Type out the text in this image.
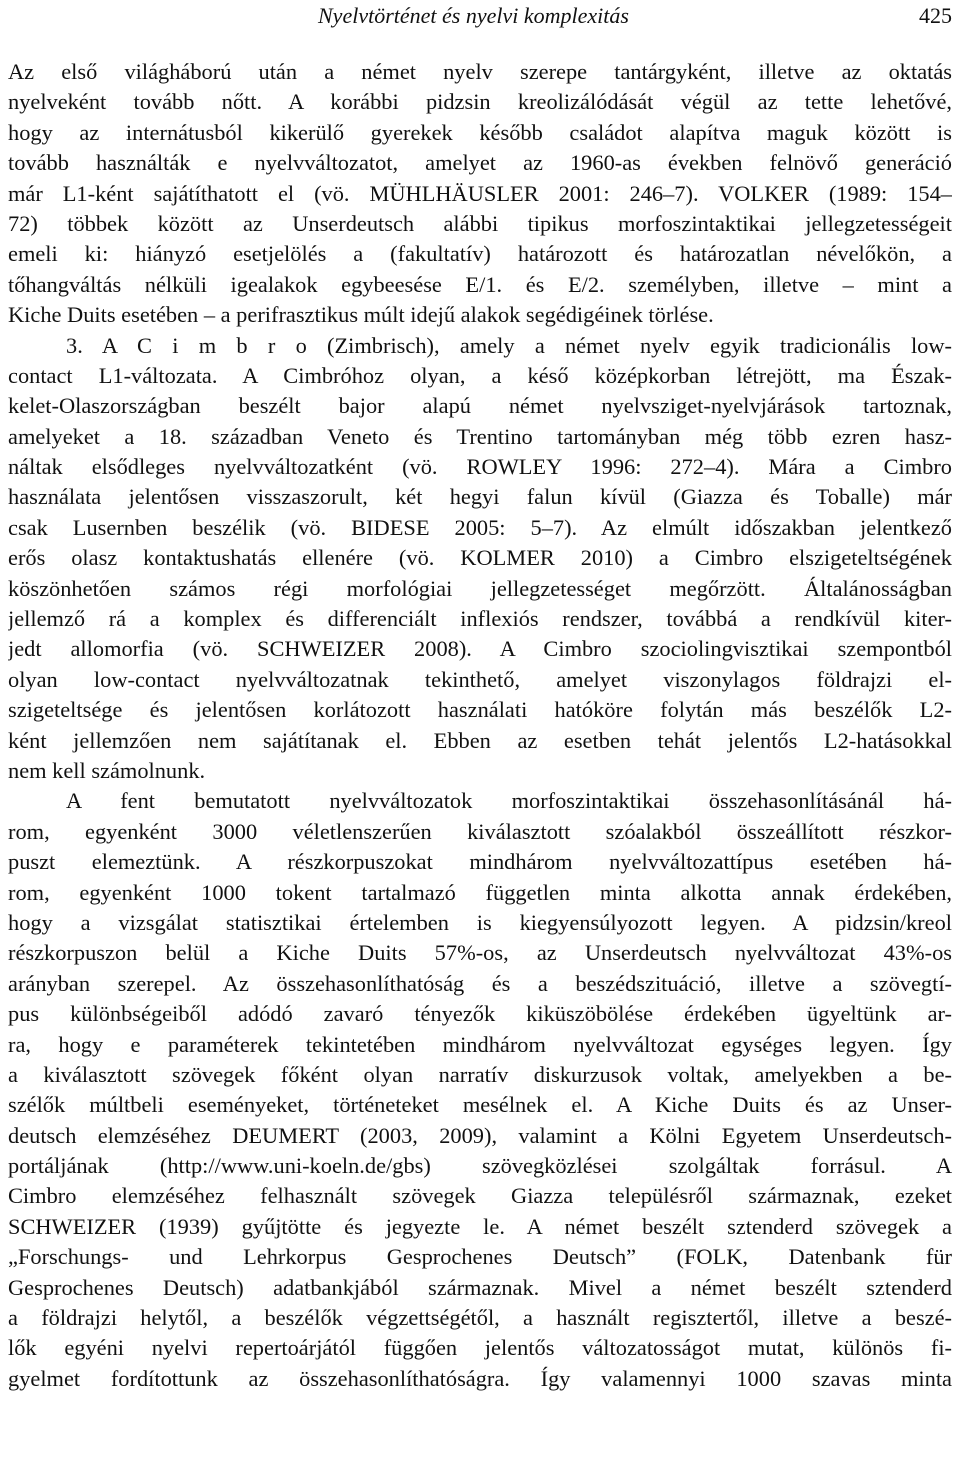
Nyelvtörténet és nyelvi komplexitás	425
Az első világháború után a német nyelv szerepe tantárgyként, illetve az oktatás
nyelveként tovább nőtt. A korábbi pidzsin kreolizálódását végül az tette lehetővé,
hogy az internátusból kikerülő gyerekek később családot alapítva maguk között is
tovább használták e nyelvváltozatot, amelyet az 1960-as években felnövő generáció
már L1-ként sajátíthatott el (vö. MÜHLHÄUSLER 2001: 246–7). VOLKER (1989: 154–
72) többek között az Unserdeutsch alábbi tipikus morfoszintaktikai jellegzetességeit
emeli ki: hiányzó esetjelölés a (fakultatív) határozott és határozatlan névelőkön, a
tőhangváltás nélküli igealakok egybeesése E/1. és E/2. személyben, illetve – mint a
Kiche Duits esetében – a perifrasztikus múlt idejű alakok segédigéinek törlése.
3. A C i m b r o (Zimbrisch), amely a német nyelv egyik tradicionális low-
contact L1-változata. A Cimbróhoz olyan, a késő középkorban létrejött, ma Észak-
kelet-Olaszországban beszélt bajor alapú német nyelvsziget-nyelvjárások tartoznak,
amelyeket a 18. században Veneto és Trentino tartományban még több ezren hasz-
náltak elsődleges nyelvváltozatként (vö. ROWLEY 1996: 272–4). Mára a Cimbro
használata jelentősen visszaszorult, két hegyi falun kívül (Giazza és Toballe) már
csak Lusernben beszélik (vö. BIDESE 2005: 5–7). Az elmúlt időszakban jelentkező
erős olasz kontaktushatás ellenére (vö. KOLMER 2010) a Cimbro elszigeteltségének
köszönhetően számos régi morfológiai jellegzetességet megőrzött. Általánosságban
jellemző rá a komplex és differenciált inflexiós rendszer, továbbá a rendkívül kiter-
jedt allomorfia (vö. SCHWEIZER 2008). A Cimbro szociolingvisztikai szempontból
olyan low-contact nyelvváltozatnak tekinthető, amelyet viszonylagos földrajzi el-
szigeteltsége és jelentősen korlátozott használati hatóköre folytán más beszélők L2-
ként jellemzően nem sajátítanak el. Ebben az esetben tehát jelentős L2-hatásokkal
nem kell számolnunk.
A fent bemutatott nyelvváltozatok morfoszintaktikai összehasonlításánál há-
rom, egyenként 3000 véletlenszerűen kiválasztott szóalakból összeállított részkor-
puszt elemeztünk. A részkorpuszokat mindhárom nyelvváltozattípus esetében há-
rom, egyenként 1000 tokent tartalmazó független minta alkotta annak érdekében,
hogy a vizsgálat statisztikai értelemben is kiegyensúlyozott legyen. A pidzsin/kreol
részkorpuszon belül a Kiche Duits 57%-os, az Unserdeutsch nyelvváltozat 43%-os
arányban szerepel. Az összehasonlíthatóság és a beszédszituáció, illetve a szövegtí-
pus különbségeiből adódó zavaró tényezők kiküszöbölése érdekében ügyeltünk ar-
ra, hogy e paraméterek tekintetében mindhárom nyelvváltozat egységes legyen. Így
a kiválasztott szövegek főként olyan narratív diskurzusok voltak, amelyekben a be-
szélők múltbeli eseményeket, történeteket mesélnek el. A Kiche Duits és az Unser-
deutsch elemzéséhez DEUMERT (2003, 2009), valamint a Kölni Egyetem Unserdeutsch-
portáljának (http://www.uni-koeln.de/gbs) szövegközlései szolgáltak forrásul. A
Cimbro elemzéséhez felhasznált szövegek Giazza településről származnak, ezeket
SCHWEIZER (1939) gyűjtötte és jegyezte le. A német beszélt sztenderd szövegek a
„Forschungs- und Lehrkorpus Gesprochenes Deutsch” (FOLK, Datenbank für
Gesprochenes Deutsch) adatbankjából származnak. Mivel a német beszélt sztenderd
a földrajzi helytől, a beszélők végzettségétől, a használt regisztertől, illetve a beszé-
lők egyéni nyelvi repertoárjától függően jelentős változatosságot mutat, különös fi-
gyelmet fordítottunk az összehasonlíthatóságra. Így valamennyi 1000 szavas minta
